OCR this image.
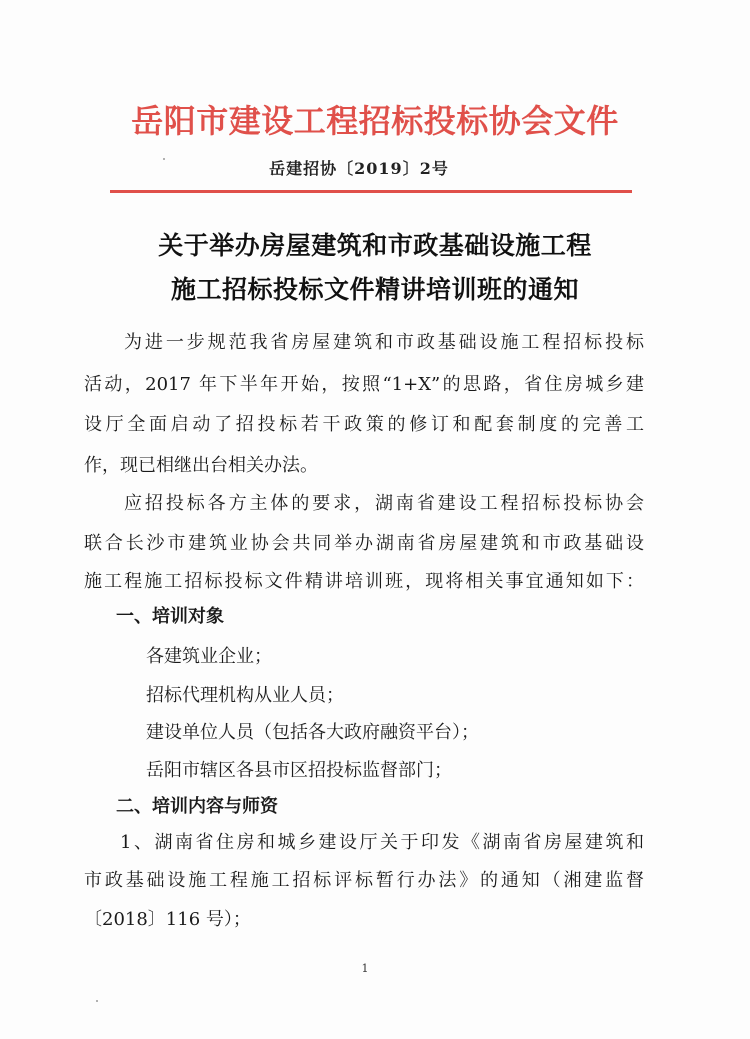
岳阳市建设工程招标投标协会文件
岳建招协〔2019〕2号
关于举办房屋建筑和市政基础设施工程
施工招标投标文件精讲培训班的通知
为进一步规范我省房屋建筑和市政基础设施工程招标投标
活动，2017 年下半年开始，按照“1+X”的思路，省住房城乡建
设厅全面启动了招投标若干政策的修订和配套制度的完善工
作，现已相继出台相关办法。
应招投标各方主体的要求，湖南省建设工程招标投标协会
联合长沙市建筑业协会共同举办湖南省房屋建筑和市政基础设
施工程施工招标投标文件精讲培训班，现将相关事宜通知如下：
一、培训对象
各建筑业企业；
招标代理机构从业人员；
建设单位人员（包括各大政府融资平台）；
岳阳市辖区各县市区招投标监督部门；
二、培训内容与师资
1、湖南省住房和城乡建设厅关于印发《湖南省房屋建筑和
市政基础设施工程施工招标评标暂行办法》的通知（湘建监督
〔2018〕116 号）；
1
